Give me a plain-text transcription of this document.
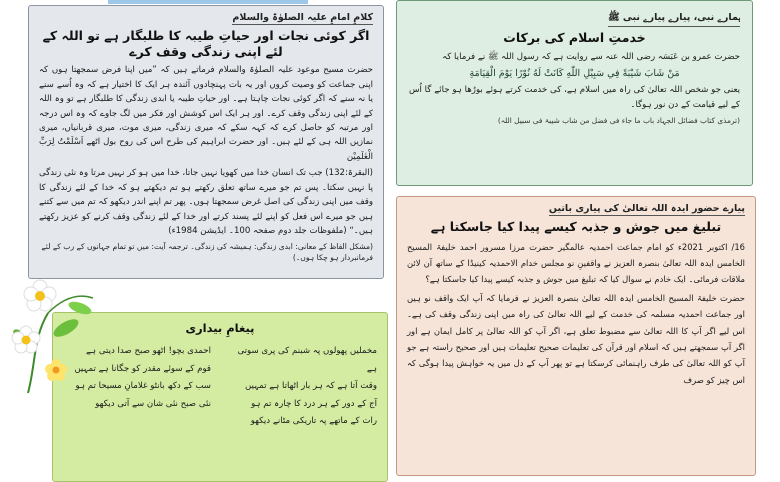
کلامِ امامِ علیہ الصلوٰۃ والسلام
اگر کوئی نجات اور حیاتِ طیبہ کا طلبگار ہے تو اللہ کے لئے اپنی زندگی وقف کرے

حضرت مسیح موعود علیہ الصلوٰۃ والسلام فرماتے ہیں کہ ”میں اپنا فرض سمجھتا ہوں کہ اپنی جماعت کو وصیت کروں اور یہ بات پہنچادوں آئندہ ہر ایک کا اختیار ہے کہ وہ اُسے سنے یا نہ سنے کہ اگر کوئی نجات چاہتا ہے۔ اور حیاتِ طیبہ یا ابدی زندگی کا طلبگار ہے تو وہ اللہ کے لئے اپنی زندگی وقف کرے۔ اور ہر ایک اس کوشش اور فکر میں لگ جاوے کہ وہ اس درجہ اور مرتبہ کو حاصل کرے کہ کہہ سکے کہ میری زندگی، میری موت، میری قربانیاں، میری نمازیں اللہ ہی کے لئے ہیں۔ اور حضرت ابراہیم کی طرح اس کی روح بول اٹھے اَسْلَمْتُ لِرَبِّ الْعٰلَمِیْن

(البقرۃ:132) جب تک انسان خدا میں کھویا نہیں جاتا، خدا میں ہو کر نہیں مرتا وہ نئی زندگی پا نہیں سکتا۔ پس تم جو میرے ساتھ تعلق رکھتے ہو تم دیکھتے ہو کہ خدا کے لئے زندگی کا وقف میں اپنی زندگی کی اصل غرض سمجھتا ہوں۔ پھر تم اپنے اندر دیکھو کہ تم میں سے کتنے ہیں جو میرے اس فعل کو اپنے لئے پسند کرتے اور خدا کے لئے زندگی وقف کرنے کو عزیز رکھتے ہیں۔“ (ملفوظات جلد دوم صفحہ 100۔ ایڈیشن 1984ء)

(مشکل الفاظ کے معانی: ابدی زندگی: ہمیشہ کی زندگی۔ ترجمہ آیت: میں تو تمام جہانوں کے رب کے لئے فرمانبردار ہو چکا ہوں۔)
ہمارے نبی، پیارے پیارے نبی ﷺ
خدمتِ اسلام کی برکات

حضرت عمرو بن عَبَسَہ رضی اللہ عنہ سے روایت ہے کہ رسول اللہ ﷺ نے فرمایا کہ

مَنْ شَابَ شَيْبَةً فِي سَبِيْلِ اللّٰهِ كَانَتْ لَهُ نُوْرًا يَوْمَ الْقِيَامَةِ

یعنی جو شخص اللہ تعالیٰ کی راہ میں اسلام ہے، کی خدمت کرتے ہوئے بوڑھا ہو جائے گا اُس کے لیے قیامت کے دن نور ہوگا۔

(ترمذی کتاب فضائل الجہاد باب ما جاء فی فضل من شاب شیبۃ فی سبیل اللہ)
پیارے حضور ایدہ اللہ تعالیٰ کی پیاری باتیں
تبلیغ میں جوش و جذبہ کیسے پیدا کیا جاسکتا ہے

16/ اکتوبر 2021ء کو امام جماعت احمدیہ عالمگیر حضرت مرزا مسرور احمد خلیفۃ المسیح الخامس ایدہ اللہ تعالیٰ بنصرہ العزیز نے واقفینِ نو مجلس خدام الاحمدیہ کینیڈا کے ساتھ آن لائن ملاقات فرمائی۔ ایک خادم نے سوال کیا کہ تبلیغ میں جوش و جذبہ کیسے پیدا کیا جاسکتا ہے؟

حضرت خلیفۃ المسیح الخامس ایدہ اللہ تعالیٰ بنصرہ العزیز نے فرمایا کہ آپ ایک واقف نو ہیں اور جماعت احمدیہ مسلمہ کی خدمت کے لیے اللہ تعالیٰ کی راہ میں اپنی زندگی وقف کی ہے۔ اس لیے اگر آپ کا اللہ تعالیٰ سے مضبوط تعلق ہے، اگر آپ کو اللہ تعالیٰ پر کامل ایمان ہے اور اگر آپ سمجھتے ہیں کہ اسلام اور قرآن کی تعلیمات صحیح تعلیمات ہیں اور صحیح راستہ ہے جو آپ کو اللہ تعالیٰ کی طرف راہنمائی کرسکتا ہے تو پھر آپ کے دل میں یہ خواہش پیدا ہوگی کہ اس چیز کو صرف

پیغامِ بیداری
مخملیں پھولوں پہ شبنم کی پری سوتی ہے
وقت آتا ہے کہ ہر بار اٹھاتا ہے تمہیں
آج کے دور کے ہر درد کا چارہ تم ہو
رات کے ماتھے پہ تاریکی مٹانے دیکھو
احمدی بچو! اٹھو صبح صدا دیتی ہے
قوم کے سوئے مقدر کو جگانا ہے تمہیں
سب کے دکھ بانٹو غلامانِ مسیحا تم ہو
نئی صبح نئی شان سے آتی دیکھو
